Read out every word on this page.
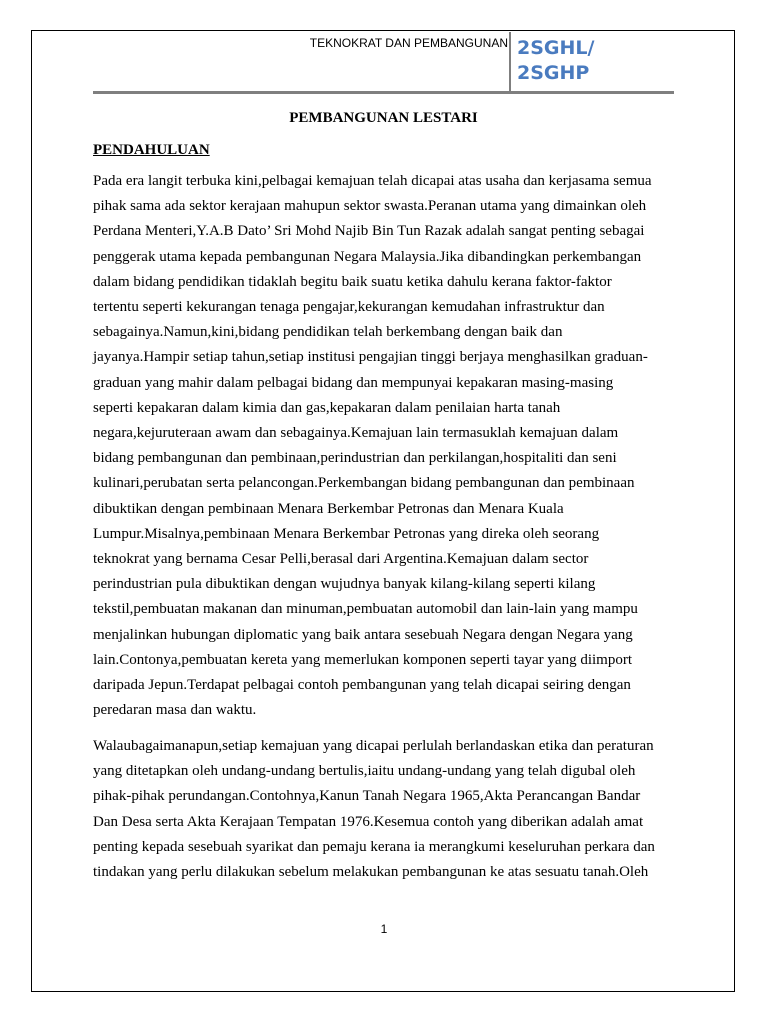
TEKNOKRAT DAN PEMBANGUNAN 2SGHL/
2SGHP
PEMBANGUNAN LESTARI
PENDAHULUAN

Pada era langit terbuka kini,pelbagai kemajuan telah dicapai atas usaha dan kerjasama semua
pihak sama ada sektor kerajaan mahupun sektor swasta.Peranan utama yang dimainkan oleh
Perdana Menteri,Y.A.B Dato’ Sri Mohd Najib Bin Tun Razak adalah sangat penting sebagai
penggerak utama kepada pembangunan Negara Malaysia.Jika dibandingkan perkembangan
dalam bidang pendidikan tidaklah begitu baik suatu ketika dahulu kerana faktor-faktor
tertentu seperti kekurangan tenaga pengajar,kekurangan kemudahan infrastruktur dan
sebagainya.Namun,kini,bidang pendidikan telah berkembang dengan baik dan
jayanya.Hampir setiap tahun,setiap institusi pengajian tinggi berjaya menghasilkan graduan-
graduan yang mahir dalam pelbagai bidang dan mempunyai kepakaran masing-masing
seperti kepakaran dalam kimia dan gas,kepakaran dalam penilaian harta tanah
negara,kejuruteraan awam dan sebagainya.Kemajuan lain termasuklah kemajuan dalam
bidang pembangunan dan pembinaan,perindustrian dan perkilangan,hospitaliti dan seni
kulinari,perubatan serta pelancongan.Perkembangan bidang pembangunan dan pembinaan
dibuktikan dengan pembinaan Menara Berkembar Petronas dan Menara Kuala
Lumpur.Misalnya,pembinaan Menara Berkembar Petronas yang direka oleh seorang
teknokrat yang bernama Cesar Pelli,berasal dari Argentina.Kemajuan dalam sector
perindustrian pula dibuktikan dengan wujudnya banyak kilang-kilang seperti kilang
tekstil,pembuatan makanan dan minuman,pembuatan automobil dan lain-lain yang mampu
menjalinkan hubungan diplomatic yang baik antara sesebuah Negara dengan Negara yang
lain.Contonya,pembuatan kereta yang memerlukan komponen seperti tayar yang diimport
daripada Jepun.Terdapat pelbagai contoh pembangunan yang telah dicapai seiring dengan
peredaran masa dan waktu.

Walaubagaimanapun,setiap kemajuan yang dicapai perlulah berlandaskan etika dan peraturan
yang ditetapkan oleh undang-undang bertulis,iaitu undang-undang yang telah digubal oleh
pihak-pihak perundangan.Contohnya,Kanun Tanah Negara 1965,Akta Perancangan Bandar
Dan Desa serta Akta Kerajaan Tempatan 1976.Kesemua contoh yang diberikan adalah amat
penting kepada sesebuah syarikat dan pemaju kerana ia merangkumi keseluruhan perkara dan
tindakan yang perlu dilakukan sebelum melakukan pembangunan ke atas sesuatu tanah.Oleh

1
